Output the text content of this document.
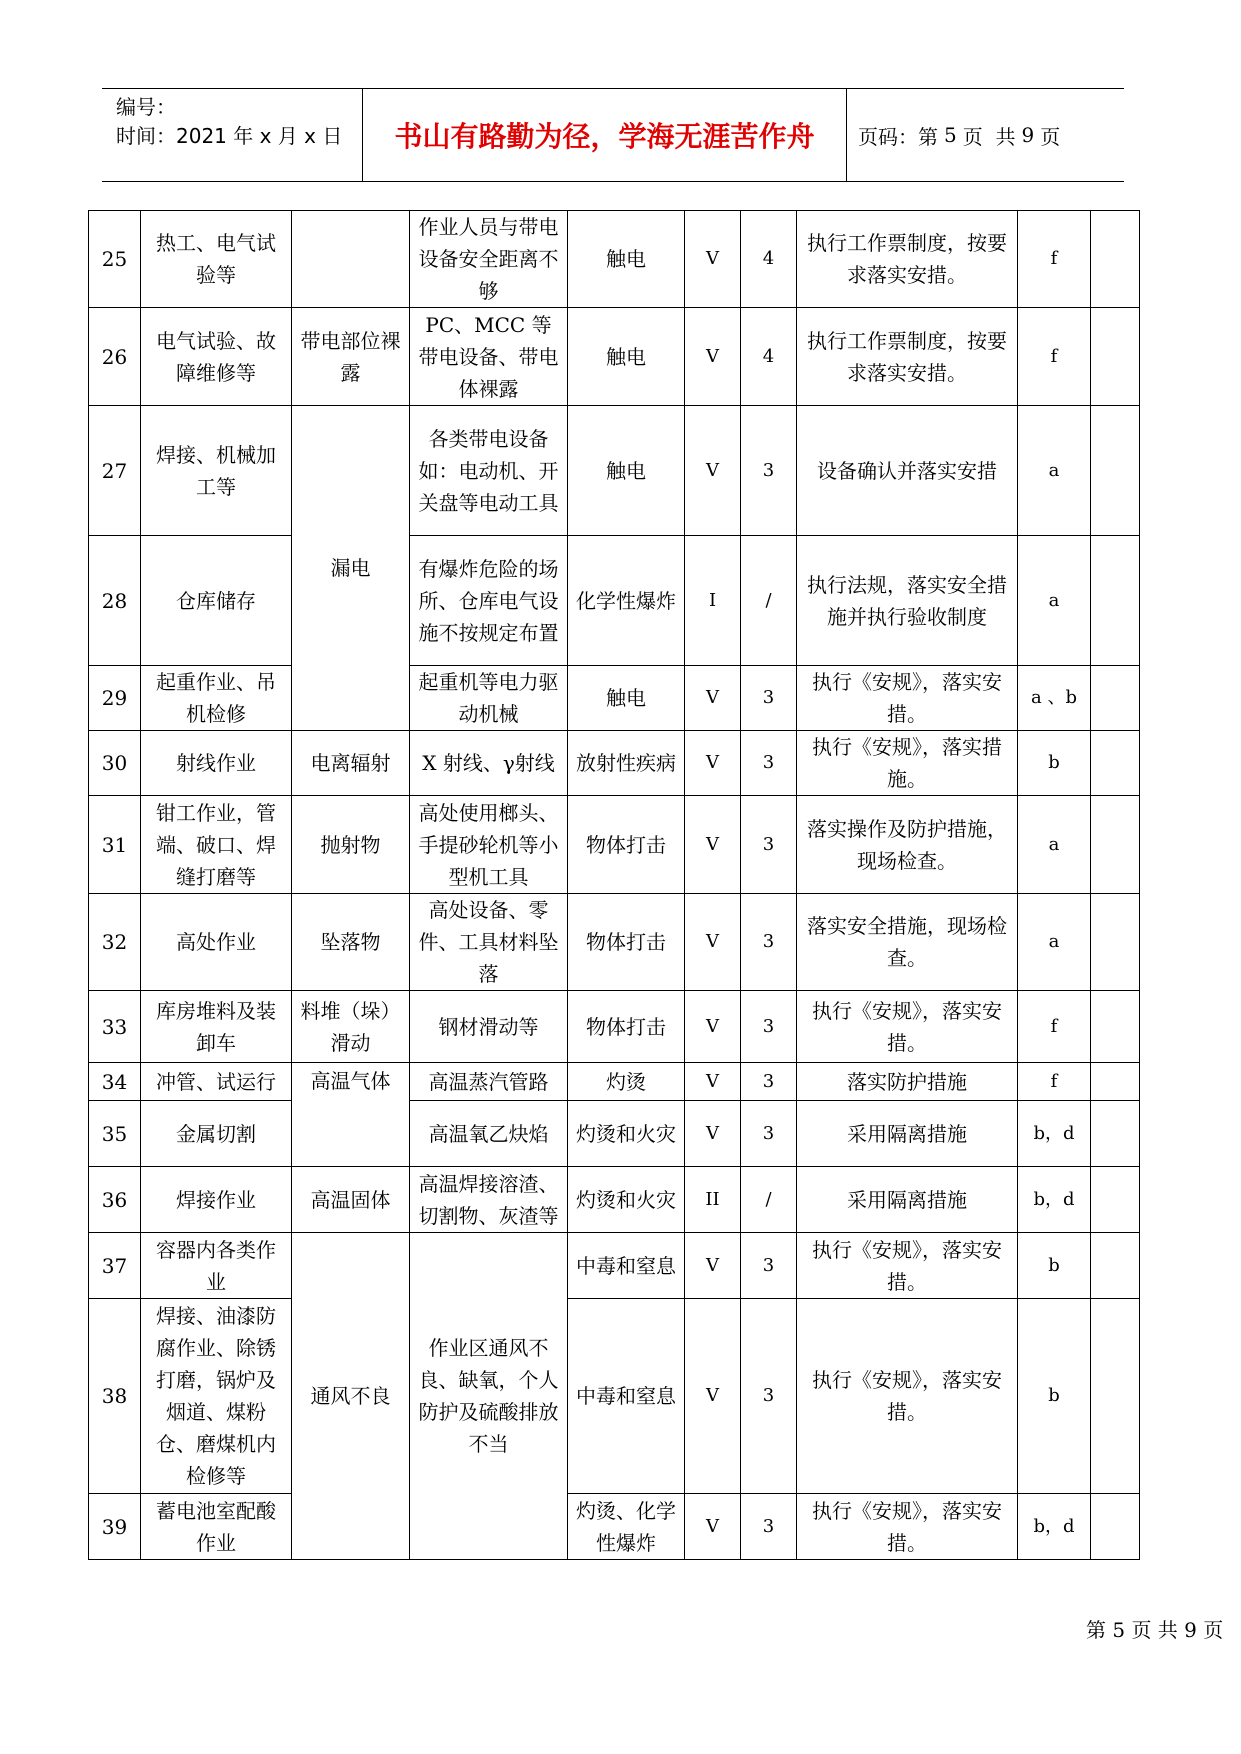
编号：
时间：2021 年 x 月 x 日	书山有路勤为径，学海无涯苦作舟	页码：第 5 页  共 9 页
25	热工、电气试验等		作业人员与带电设备安全距离不够	触电	V	4	执行工作票制度，按要求落实安措。	f	
26	电气试验、故障维修等	带电部位裸露	PC、MCC 等带电设备、带电体裸露	触电	V	4	执行工作票制度，按要求落实安措。	f	
27	焊接、机械加工等	漏电	各类带电设备如：电动机、开关盘等电动工具	触电	V	3	设备确认并落实安措	a	
28	仓库储存		有爆炸危险的场所、仓库电气设施不按规定布置	化学性爆炸	I	/	执行法规，落实安全措施并执行验收制度	a	
29	起重作业、吊机检修		起重机等电力驱动机械	触电	V	3	执行《安规》，落实安措。	a 、b	
30	射线作业	电离辐射	X 射线、γ射线	放射性疾病	V	3	执行《安规》，落实措施。	b	
31	钳工作业，管端、破口、焊缝打磨等	抛射物	高处使用榔头、手提砂轮机等小型机工具	物体打击	V	3	落实操作及防护措施，现场检查。	a	
32	高处作业	坠落物	高处设备、零件、工具材料坠落	物体打击	V	3	落实安全措施，现场检查。	a	
33	库房堆料及装卸车	料堆（垛）滑动	钢材滑动等	物体打击	V	3	执行《安规》，落实安措。	f	
34	冲管、试运行	高温气体	高温蒸汽管路	灼烫	V	3	落实防护措施	f	
35	金属切割		高温氧乙炔焰	灼烫和火灾	V	3	采用隔离措施	b，d	
36	焊接作业	高温固体	高温焊接溶渣、切割物、灰渣等	灼烫和火灾	II	/	采用隔离措施	b，d	
37	容器内各类作业	通风不良	作业区通风不良、缺氧，个人防护及硫酸排放不当	中毒和窒息	V	3	执行《安规》，落实安措。	b	
38	焊接、油漆防腐作业、除锈打磨，锅炉及烟道、煤粉仓、磨煤机内检修等			中毒和窒息	V	3	执行《安规》，落实安措。	b	
39	蓄电池室配酸作业			灼烫、化学性爆炸	V	3	执行《安规》，落实安措。	b，d	
第 5 页 共 9 页
